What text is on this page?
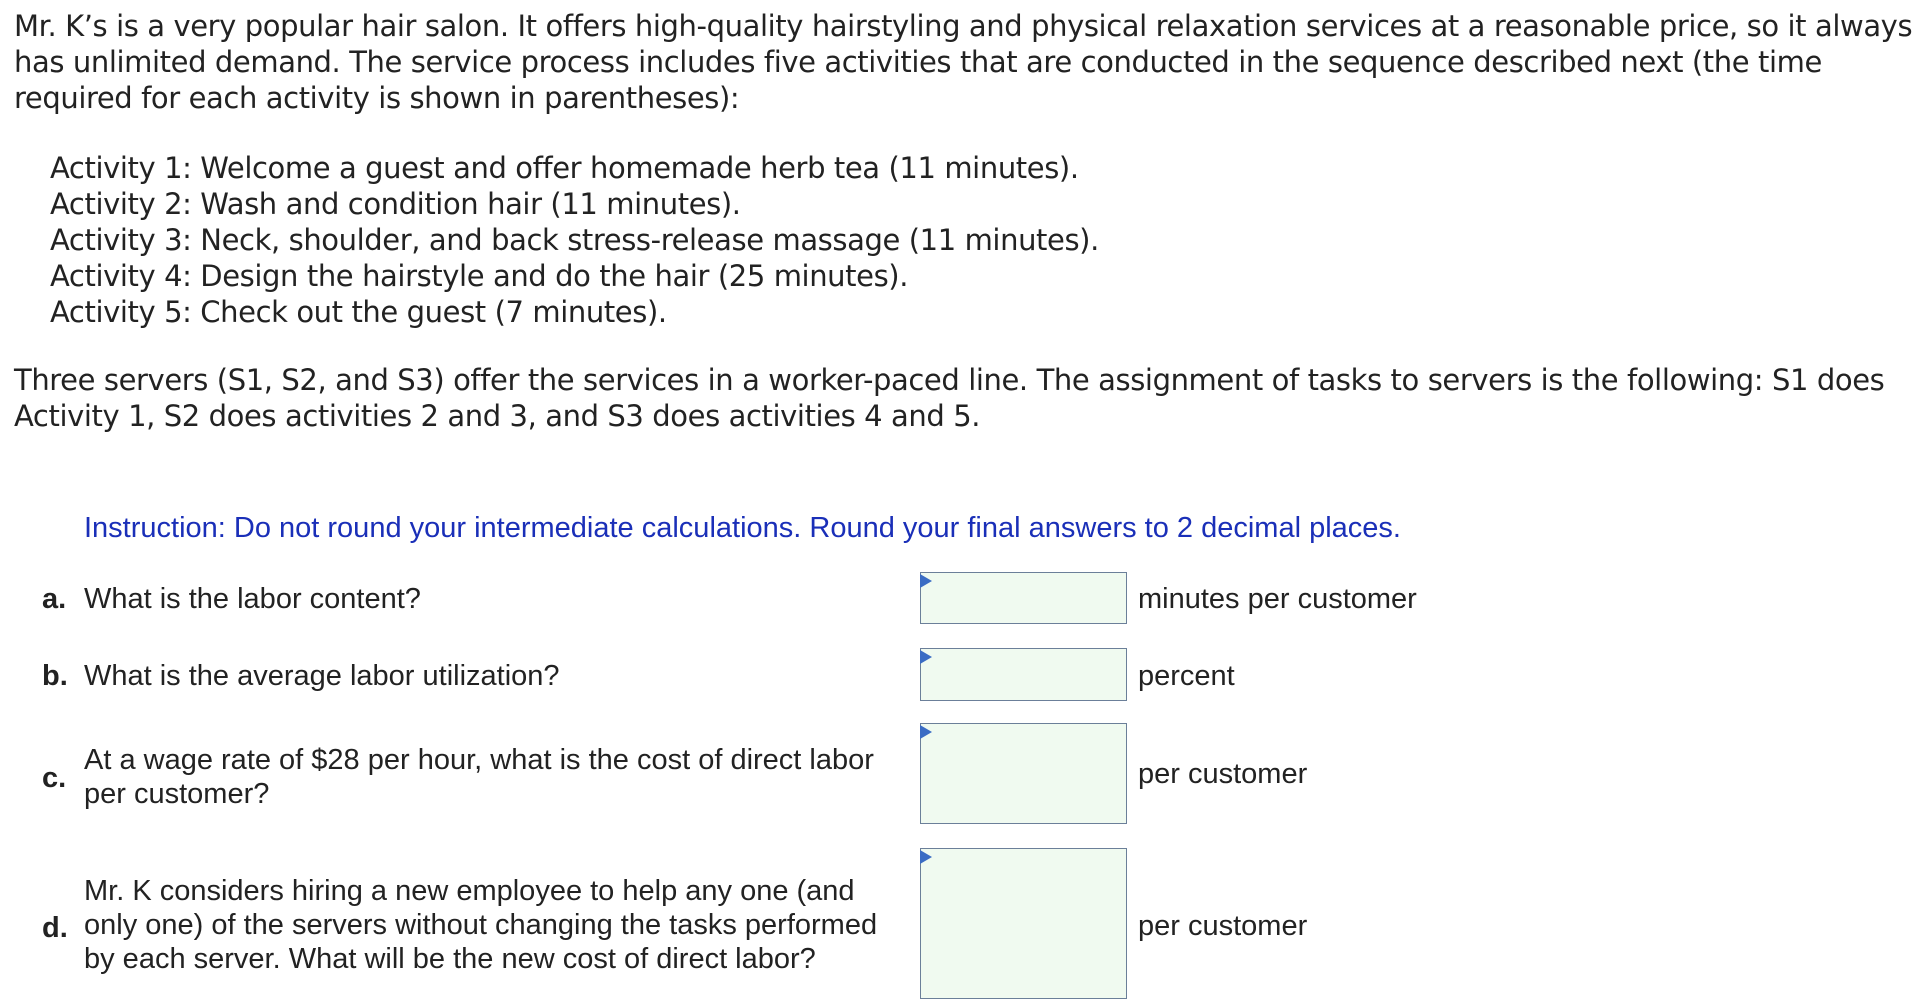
Mr. K’s is a very popular hair salon. It offers high-quality hairstyling and physical relaxation services at a reasonable price, so it always has unlimited demand. The service process includes five activities that are conducted in the sequence described next (the time required for each activity is shown in parentheses):
Activity 1: Welcome a guest and offer homemade herb tea (11 minutes).
Activity 2: Wash and condition hair (11 minutes).
Activity 3: Neck, shoulder, and back stress-release massage (11 minutes).
Activity 4: Design the hairstyle and do the hair (25 minutes).
Activity 5: Check out the guest (7 minutes).
Three servers (S1, S2, and S3) offer the services in a worker-paced line. The assignment of tasks to servers is the following: S1 does Activity 1, S2 does activities 2 and 3, and S3 does activities 4 and 5.
Instruction: Do not round your intermediate calculations. Round your final answers to 2 decimal places.
a. What is the labor content?	minutes per customer
b. What is the average labor utilization?	percent
c.
At a wage rate of $28 per hour, what is the cost of direct labor per customer?
per customer
d.
Mr. K considers hiring a new employee to help any one (and only one) of the servers without changing the tasks performed by each server. What will be the new cost of direct labor?
per customer
